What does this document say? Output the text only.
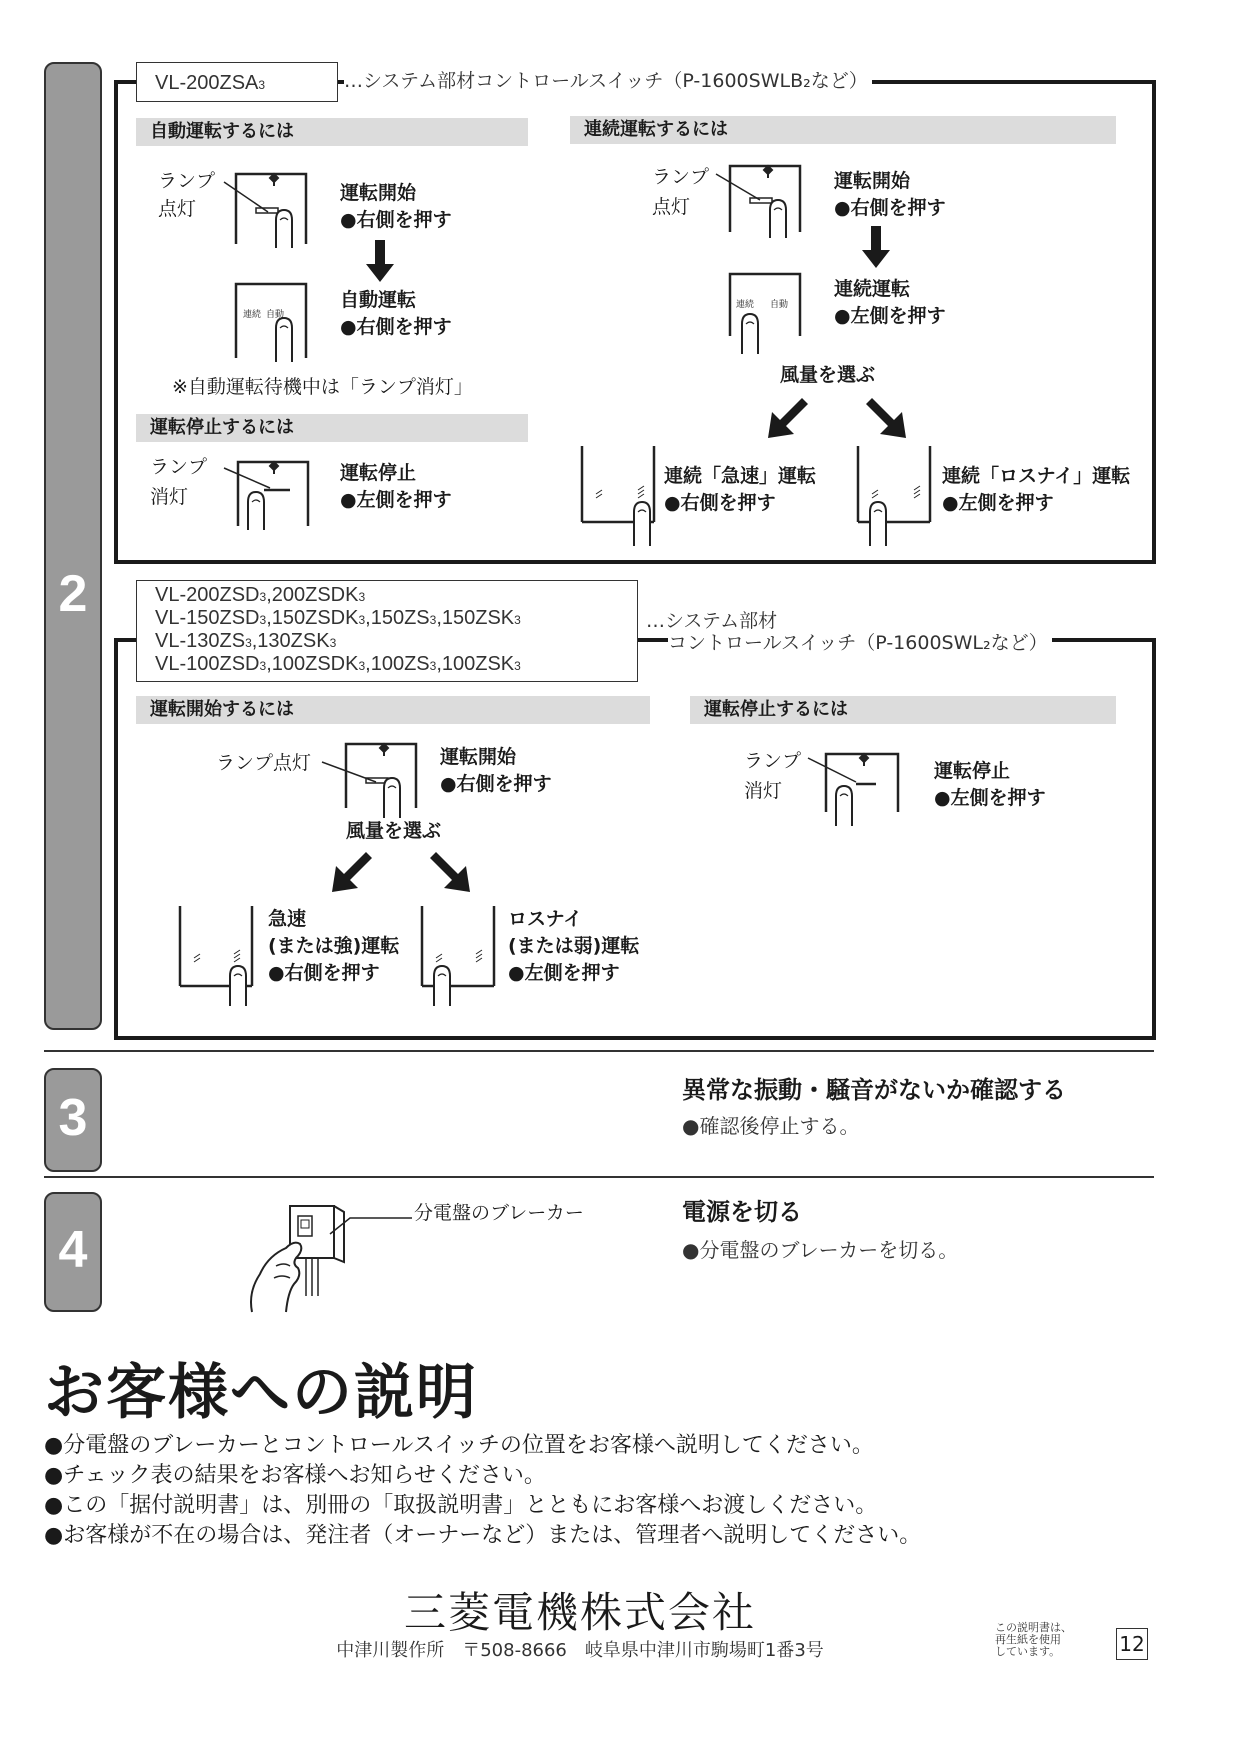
2
VL-200ZSA3	…システム部材コントロールスイッチ（P-1600SWLB₂など）
自動運転するには
ランプ
点灯
運転開始
●右側を押す
連続 自動
自動運転
●右側を押す
※自動運転待機中は「ランプ消灯」
運転停止するには
ランプ
消灯
運転停止
●左側を押す
連続運転するには
ランプ
点灯
運転開始
●右側を押す
連続 自動
連続運転
●左側を押す
風量を選ぶ
連続「急速」運転
●右側を押す
連続「ロスナイ」運転
●左側を押す
VL-200ZSD3,200ZSDK3
VL-150ZSD3,150ZSDK3,150ZS3,150ZSK3
VL-130ZS3,130ZSK3
VL-100ZSD3,100ZSDK3,100ZS3,100ZSK3
…システム部材
コントロールスイッチ（P-1600SWL₂など）
運転開始するには
ランプ点灯	運転開始
●右側を押す
風量を選ぶ
急速
(または強)運転
●右側を押す
ロスナイ
(または弱)運転
●左側を押す
運転停止するには
ランプ
消灯
運転停止
●左側を押す
3	異常な振動・騒音がないか確認する
●確認後停止する。
4
分電盤のブレーカー	電源を切る
●分電盤のブレーカーを切る。
お客様への説明
●分電盤のブレーカーとコントロールスイッチの位置をお客様へ説明してください。
●チェック表の結果をお客様へお知らせください。
●この「据付説明書」は、別冊の「取扱説明書」とともにお客様へお渡しください。
●お客様が不在の場合は、発注者（オーナーなど）または、管理者へ説明してください。
三菱電機株式会社
中津川製作所　〒508-8666　岐阜県中津川市駒場町1番3号
この説明書は、
再生紙を使用
しています。	12
